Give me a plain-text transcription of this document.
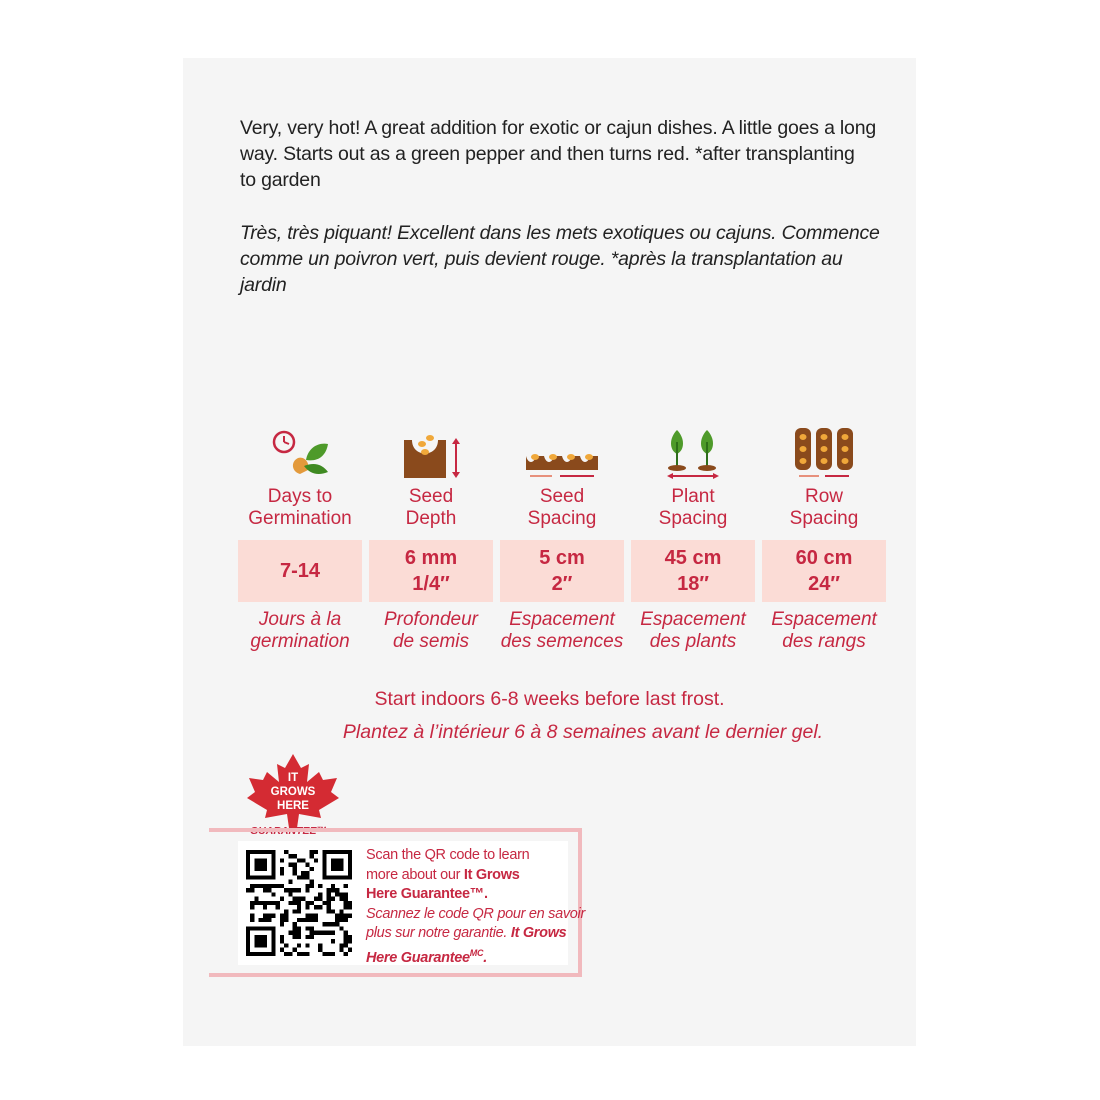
Very, very hot! A great addition for exotic or cajun dishes. A little goes a long
way. Starts out as a green pepper and then turns red. *after transplanting
to garden
Très, très piquant! Excellent dans les mets exotiques ou cajuns. Commence
comme un poivron vert, puis devient rouge. *après la transplantation au
jardin
Days to
Germination
7-14
Jours à la
germination
Seed
Depth
6 mm
1/4″
Profondeur
de semis
Seed
Spacing
5 cm
2″
Espacement
des semences
Plant
Spacing
45 cm
18″
Espacement
des plants
Row
Spacing
60 cm
24″
Espacement
des rangs
Start indoors 6-8 weeks before last frost.
Plantez à l’intérieur 6 à 8 semaines avant le dernier gel.
IT
GROWS
HERE
GUARANTEE™
Scan the QR code to learn
more about our It Grows
Here Guarantee™.
Scannez le code QR pour en savoir
plus sur notre garantie. It Grows
Here Guarantee$^{MC}$.
